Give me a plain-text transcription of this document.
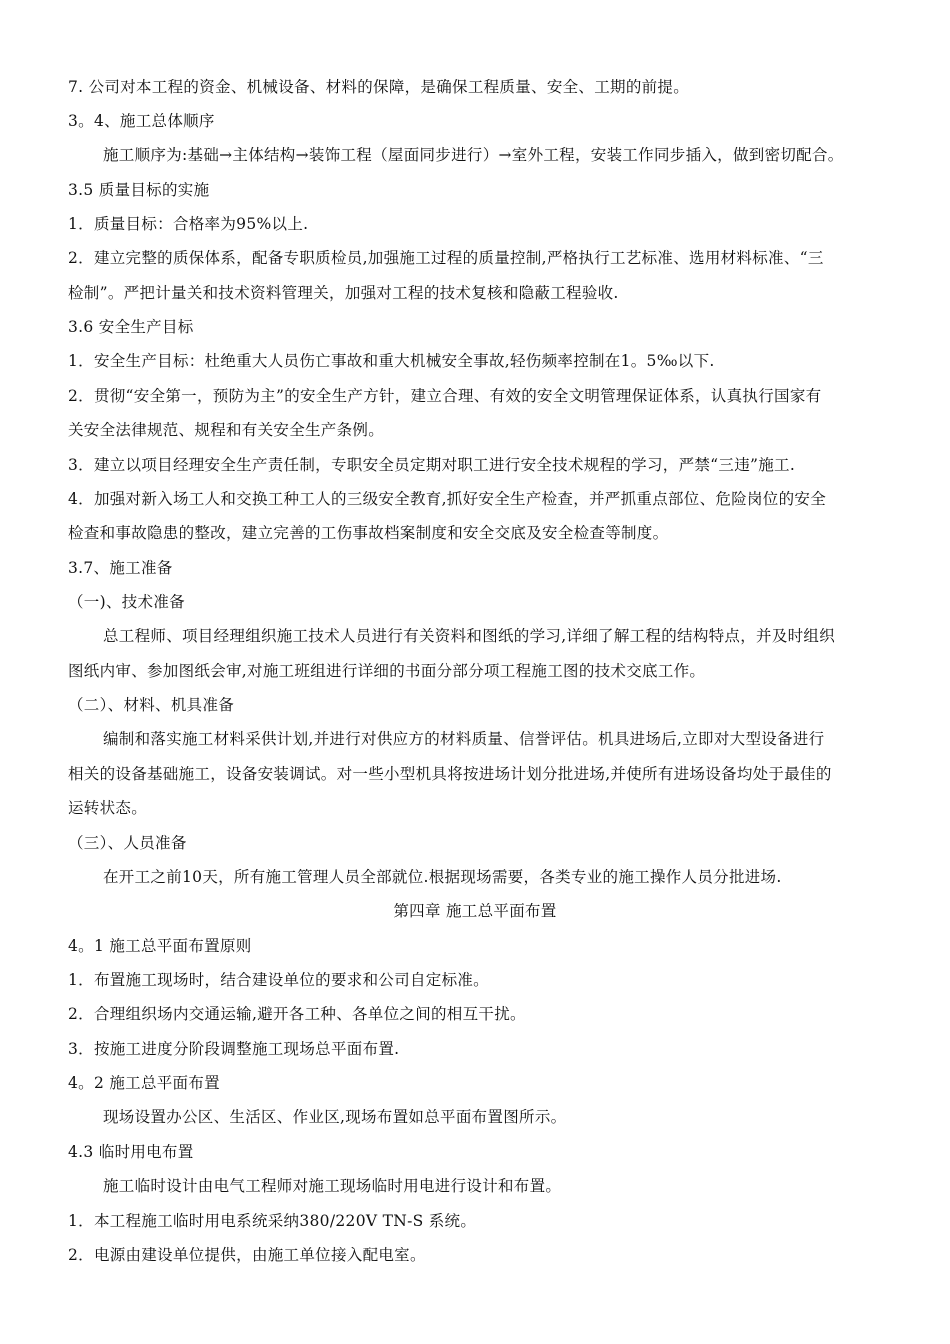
7. 公司对本工程的资金、机械设备、材料的保障，是确保工程质量、安全、工期的前提。
3。4、施工总体顺序
施工顺序为:基础→主体结构→装饰工程（屋面同步进行）→室外工程，安装工作同步插入，做到密切配合。
3.5 质量目标的实施
1．质量目标：合格率为95%以上.
2．建立完整的质保体系，配备专职质检员,加强施工过程的质量控制,严格执行工艺标准、选用材料标准、“三
检制”。严把计量关和技术资料管理关，加强对工程的技术复核和隐蔽工程验收.
3.6 安全生产目标
1．安全生产目标：杜绝重大人员伤亡事故和重大机械安全事故,轻伤频率控制在1。5‰以下.
2．贯彻“安全第一，预防为主”的安全生产方针，建立合理、有效的安全文明管理保证体系，认真执行国家有
关安全法律规范、规程和有关安全生产条例。
3．建立以项目经理安全生产责任制，专职安全员定期对职工进行安全技术规程的学习，严禁“三违”施工.
4．加强对新入场工人和交换工种工人的三级安全教育,抓好安全生产检查，并严抓重点部位、危险岗位的安全
检查和事故隐患的整改，建立完善的工伤事故档案制度和安全交底及安全检查等制度。
3.7、施工准备
（一)、技术准备
总工程师、项目经理组织施工技术人员进行有关资料和图纸的学习,详细了解工程的结构特点，并及时组织
图纸内审、参加图纸会审,对施工班组进行详细的书面分部分项工程施工图的技术交底工作。
（二）、材料、机具准备
编制和落实施工材料采供计划,并进行对供应方的材料质量、信誉评估。机具进场后,立即对大型设备进行
相关的设备基础施工，设备安装调试。对一些小型机具将按进场计划分批进场,并使所有进场设备均处于最佳的
运转状态。
（三）、人员准备
在开工之前10天，所有施工管理人员全部就位.根据现场需要，各类专业的施工操作人员分批进场.
第四章 施工总平面布置
4。1 施工总平面布置原则
1．布置施工现场时，结合建设单位的要求和公司自定标准。
2．合理组织场内交通运输,避开各工种、各单位之间的相互干扰。
3．按施工进度分阶段调整施工现场总平面布置.
4。2 施工总平面布置
现场设置办公区、生活区、作业区,现场布置如总平面布置图所示。
4.3 临时用电布置
施工临时设计由电气工程师对施工现场临时用电进行设计和布置。
1．本工程施工临时用电系统采纳380/220V TN-S 系统。
2．电源由建设单位提供，由施工单位接入配电室。
